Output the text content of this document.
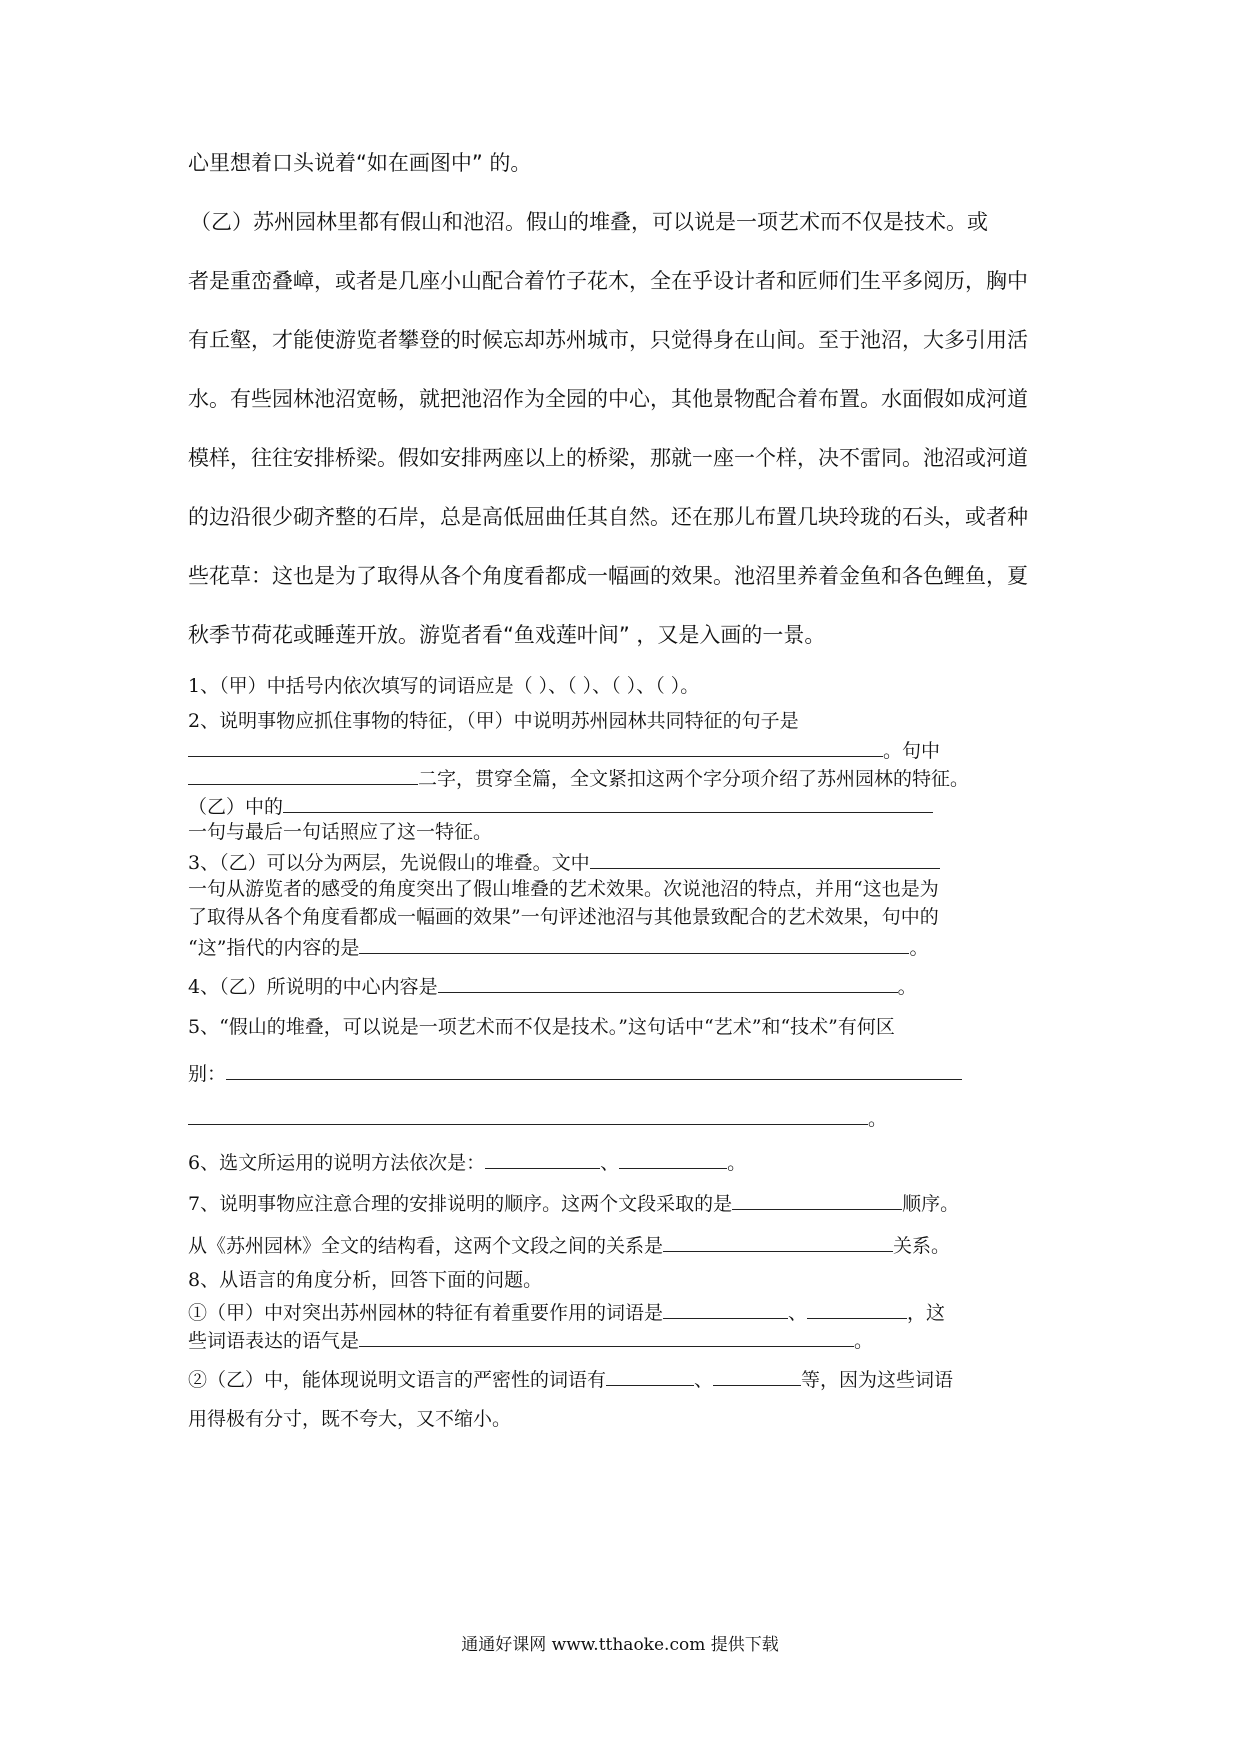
心里想着口头说着“如在画图中” 的。
（乙）苏州园林里都有假山和池沼。假山的堆叠，可以说是一项艺术而不仅是技术。或
者是重峦叠嶂，或者是几座小山配合着竹子花木，全在乎设计者和匠师们生平多阅历，胸中
有丘壑，才能使游览者攀登的时候忘却苏州城市，只觉得身在山间。至于池沼，大多引用活
水。有些园林池沼宽畅，就把池沼作为全园的中心，其他景物配合着布置。水面假如成河道
模样，往往安排桥梁。假如安排两座以上的桥梁，那就一座一个样，决不雷同。池沼或河道
的边沿很少砌齐整的石岸，总是高低屈曲任其自然。还在那儿布置几块玲珑的石头，或者种
些花草：这也是为了取得从各个角度看都成一幅画的效果。池沼里养着金鱼和各色鲤鱼，夏
秋季节荷花或睡莲开放。游览者看“鱼戏莲叶间” ，又是入画的一景。
1、（甲）中括号内依次填写的词语应是（ ）、（ ）、（ ）、（ ）。
2、说明事物应抓住事物的特征，（甲）中说明苏州园林共同特征的句子是
。句中
二字，贯穿全篇，全文紧扣这两个字分项介绍了苏州园林的特征。
（乙）中的
一句与最后一句话照应了这一特征。
3、（乙）可以分为两层，先说假山的堆叠。文中
一句从游览者的感受的角度突出了假山堆叠的艺术效果。次说池沼的特点，并用“这也是为
了取得从各个角度看都成一幅画的效果”一句评述池沼与其他景致配合的艺术效果，句中的
“这”指代的内容的是	。
4、（乙）所说明的中心内容是	。
5、“假山的堆叠，可以说是一项艺术而不仅是技术。”这句话中“艺术”和“技术”有何区
别：
。
6、选文所运用的说明方法依次是：	、	。
7、说明事物应注意合理的安排说明的顺序。这两个文段采取的是	顺序。
从《苏州园林》全文的结构看，这两个文段之间的关系是	关系。
8、从语言的角度分析，回答下面的问题。
①（甲）中对突出苏州园林的特征有着重要作用的词语是	、	，这
些词语表达的语气是	。
②（乙）中，能体现说明文语言的严密性的词语有	、	等，因为这些词语
用得极有分寸，既不夸大，又不缩小。
通通好课网 www.tthaoke.com 提供下载
